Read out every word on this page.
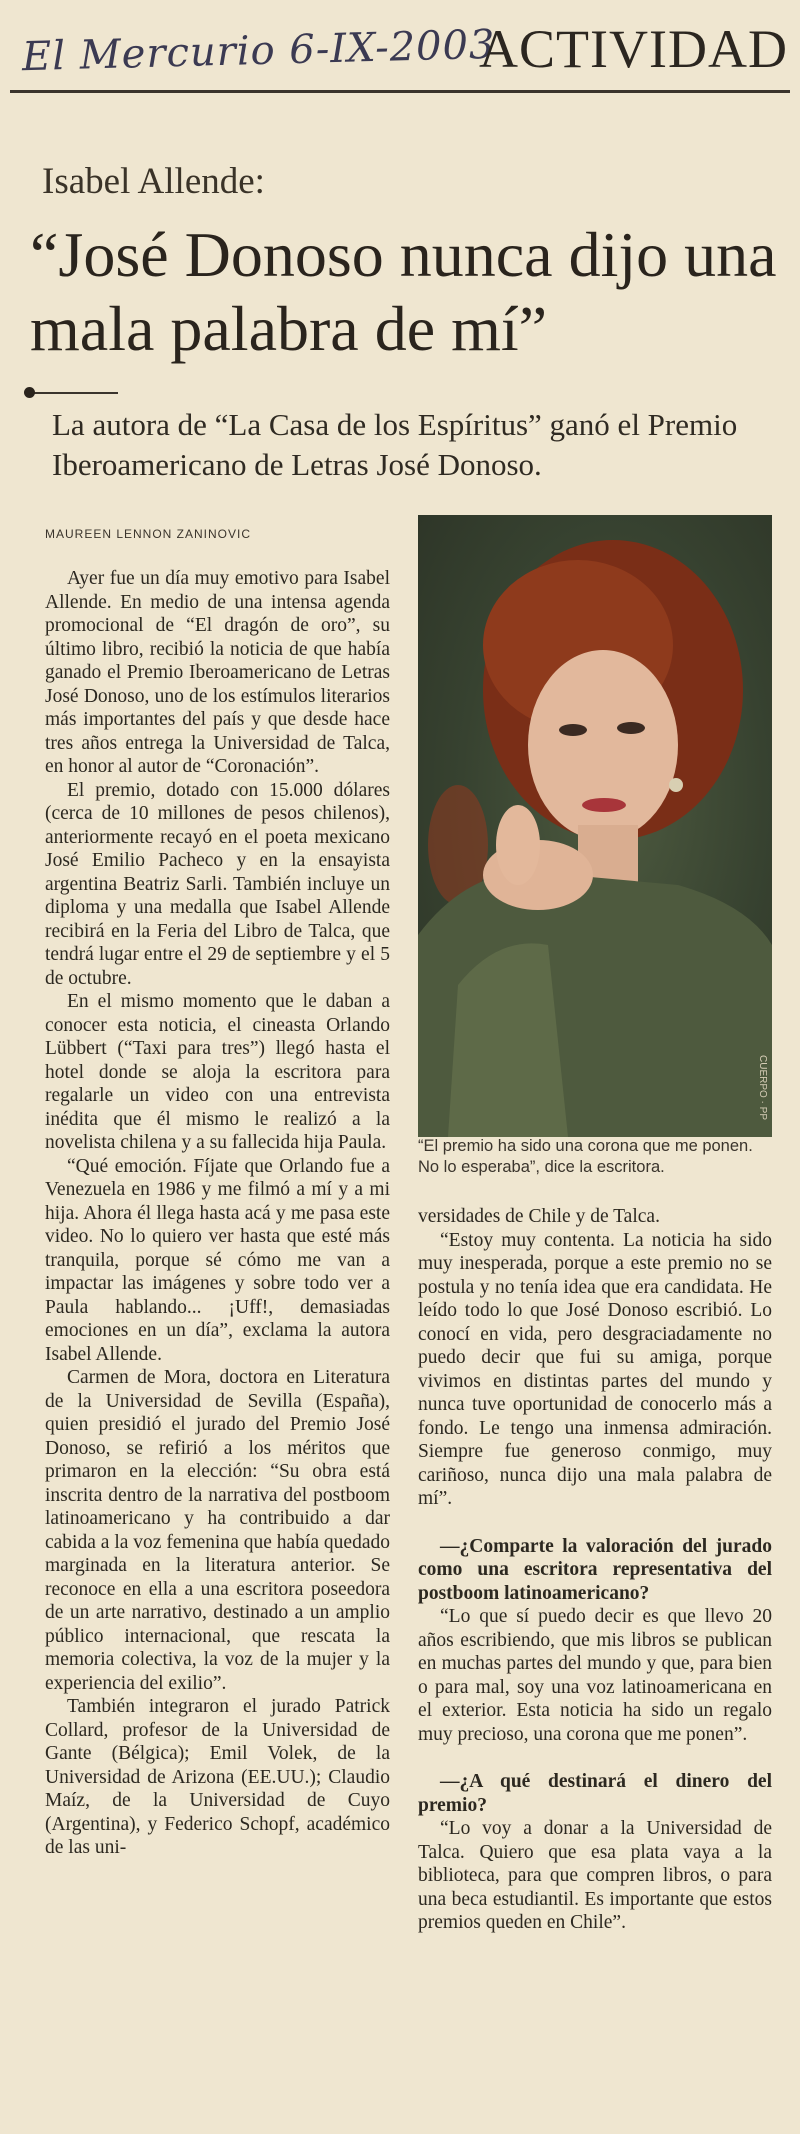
El Mercurio 6-IX-2003
ACTIVIDAD
Isabel Allende:
“José Donoso nunca dijo una mala palabra de mí”
La autora de “La Casa de los Espíritus” ganó el Premio Iberoamericano de Letras José Donoso.
MAUREEN LENNON ZANINOVIC

Ayer fue un día muy emotivo para Isabel Allende. En medio de una intensa agenda promocional de “El dragón de oro”, su último libro, recibió la noticia de que había ganado el Premio Iberoamericano de Letras José Donoso, uno de los estímulos literarios más importantes del país y que desde hace tres años entrega la Universidad de Talca, en honor al autor de “Coronación”.

El premio, dotado con 15.000 dólares (cerca de 10 millones de pesos chilenos), anteriormente recayó en el poeta mexicano José Emilio Pacheco y en la ensayista argentina Beatriz Sarli. También incluye un diploma y una medalla que Isabel Allende recibirá en la Feria del Libro de Talca, que tendrá lugar entre el 29 de septiembre y el 5 de octubre.

En el mismo momento que le daban a conocer esta noticia, el cineasta Orlando Lübbert (“Taxi para tres”) llegó hasta el hotel donde se aloja la escritora para regalarle un video con una entrevista inédita que él mismo le realizó a la novelista chilena y a su fallecida hija Paula.

“Qué emoción. Fíjate que Orlando fue a Venezuela en 1986 y me filmó a mí y a mi hija. Ahora él llega hasta acá y me pasa este video. No lo quiero ver hasta que esté más tranquila, porque sé cómo me van a impactar las imágenes y sobre todo ver a Paula hablando... ¡Uff!, demasiadas emociones en un día”, exclama la autora Isabel Allende.

Carmen de Mora, doctora en Literatura de la Universidad de Sevilla (España), quien presidió el jurado del Premio José Donoso, se refirió a los méritos que primaron en la elección: “Su obra está inscrita dentro de la narrativa del postboom latinoamericano y ha contribuido a dar cabida a la voz femenina que había quedado marginada en la literatura anterior. Se reconoce en ella a una escritora poseedora de un arte narrativo, destinado a un amplio público internacional, que rescata la memoria colectiva, la voz de la mujer y la experiencia del exilio”.

También integraron el jurado Patrick Collard, profesor de la Universidad de Gante (Bélgica); Emil Volek, de la Universidad de Arizona (EE.UU.); Claudio Maíz, de la Universidad de Cuyo (Argentina), y Federico Schopf, académico de las uni-

CUERPO · PP
“El premio ha sido una corona que me ponen. No lo esperaba”, dice la escritora.

versidades de Chile y de Talca.

“Estoy muy contenta. La noticia ha sido muy inesperada, porque a este premio no se postula y no tenía idea que era candidata. He leído todo lo que José Donoso escribió. Lo conocí en vida, pero desgraciadamente no puedo decir que fui su amiga, porque vivimos en distintas partes del mundo y nunca tuve oportunidad de conocerlo más a fondo. Le tengo una inmensa admiración. Siempre fue generoso conmigo, muy cariñoso, nunca dijo una mala palabra de mí”.

—¿Comparte la valoración del jurado como una escritora representativa del postboom latinoamericano?

“Lo que sí puedo decir es que llevo 20 años escribiendo, que mis libros se publican en muchas partes del mundo y que, para bien o para mal, soy una voz latinoamericana en el exterior. Esta noticia ha sido un regalo muy precioso, una corona que me ponen”.

—¿A qué destinará el dinero del premio?

“Lo voy a donar a la Universidad de Talca. Quiero que esa plata vaya a la biblioteca, para que compren libros, o para una beca estudiantil. Es importante que estos premios queden en Chile”.
